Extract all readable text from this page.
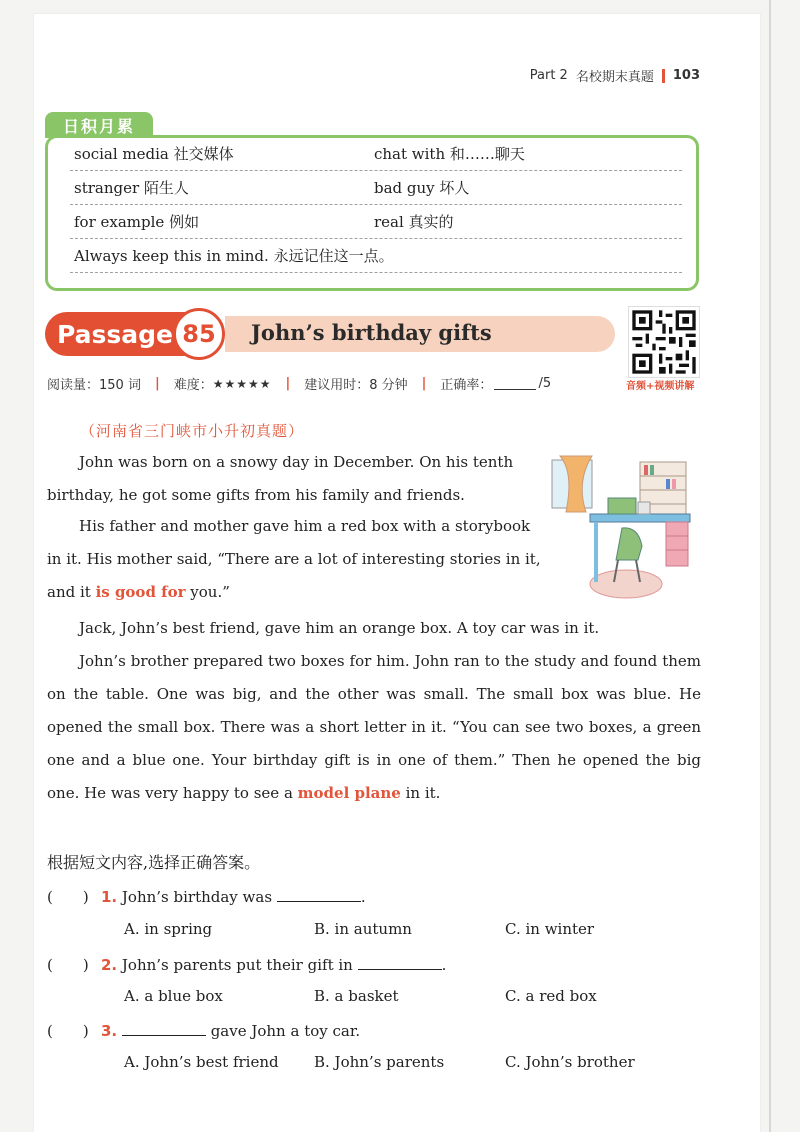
Part 2 名校期末真题 103
日积月累
social media 社交媒体	chat with 和……聊天
stranger 陌生人	bad guy 坏人
for example 例如	real 真实的
Always keep this in mind. 永远记住这一点。
Passage 85	John’s birthday gifts
音频+视频讲解
阅读量：150 词 | 难度： ★★★★★ | 建议用时：8 分钟 | 正确率：	/5
（河南省三门峡市小升初真题）
John was born on a snowy day in December. On his tenth birthday, he got some gifts from his family and friends.
His father and mother gave him a red box with a storybook in it. His mother said, “There are a lot of interesting stories in it, and it is good for you.”
Jack, John’s best friend, gave him an orange box. A toy car was in it.
John’s brother prepared two boxes for him. John ran to the study and found them on the table. One was big, and the other was small. The small box was blue. He opened the small box. There was a short letter in it. “You can see two boxes, a green one and a blue one. Your birthday gift is in one of them.” Then he opened the big one. He was very happy to see a model plane in it.
根据短文内容,选择正确答案。
(　　) 1. John’s birthday was	.
A. in spring	B. in autumn	C. in winter
(　　) 2. John’s parents put their gift in	.
A. a blue box	B. a basket	C. a red box
(　　) 3.	gave John a toy car.
A. John’s best friend B. John’s parents	C. John’s brother
